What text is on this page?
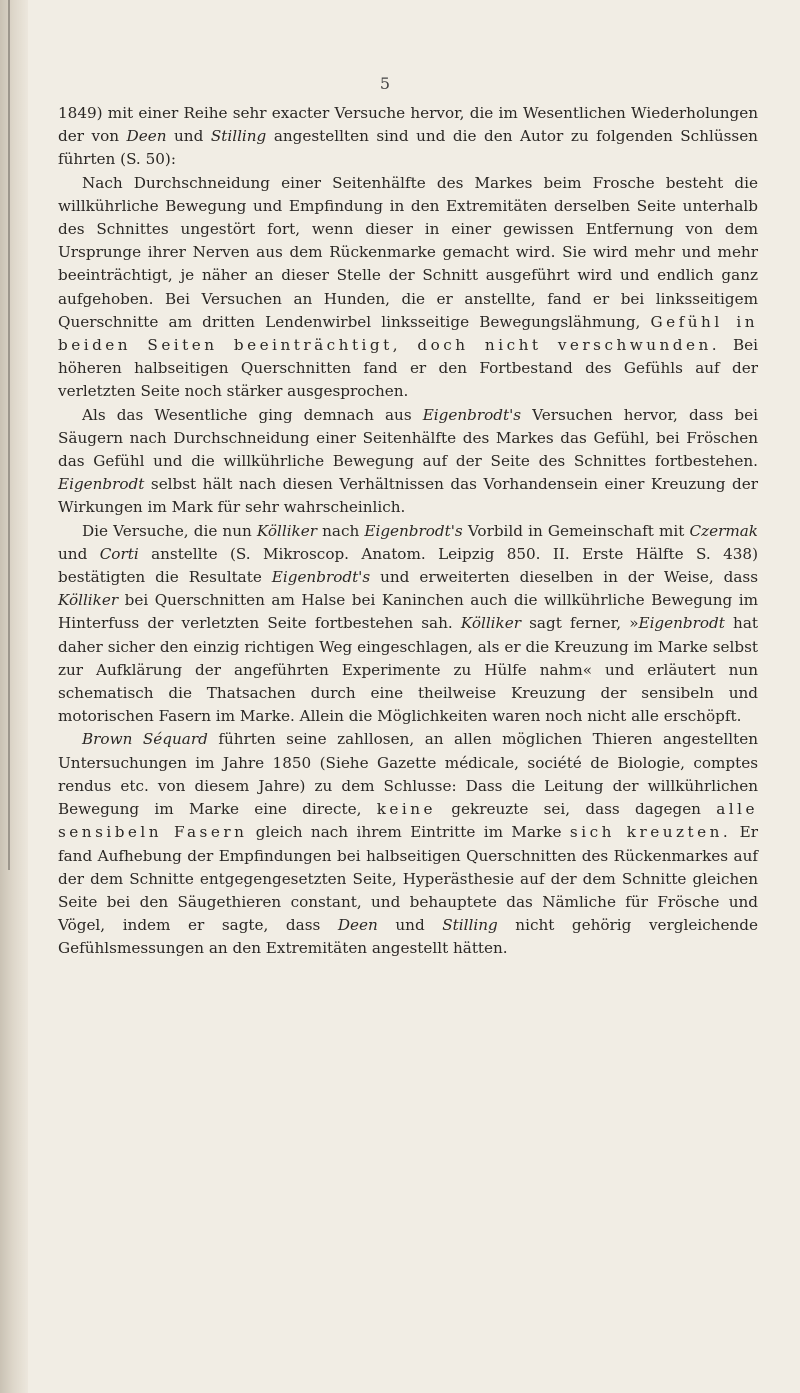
5

1849) mit einer Reihe sehr exacter Versuche hervor, die im Wesentlichen Wiederholungen der von Deen und Stilling angestellten sind und die den Autor zu folgenden Schlüssen führten (S. 50):

Nach Durchschneidung einer Seitenhälfte des Markes beim Frosche besteht die willkührliche Bewegung und Empfindung in den Extremitäten derselben Seite unterhalb des Schnittes ungestört fort, wenn dieser in einer gewissen Entfernung von dem Ursprunge ihrer Nerven aus dem Rückenmarke gemacht wird. Sie wird mehr und mehr beeinträchtigt, je näher an dieser Stelle der Schnitt ausgeführt wird und endlich ganz aufgehoben. Bei Versuchen an Hunden, die er anstellte, fand er bei linksseitigem Querschnitte am dritten Lendenwirbel linksseitige Bewegungslähmung, Gefühl in beiden Seiten beeinträchtigt, doch nicht verschwunden. Bei höheren halbseitigen Querschnitten fand er den Fortbestand des Gefühls auf der verletzten Seite noch stärker ausgesprochen.

Als das Wesentliche ging demnach aus Eigenbrodt's Versuchen hervor, dass bei Säugern nach Durchschneidung einer Seitenhälfte des Markes das Gefühl, bei Fröschen das Gefühl und die willkührliche Bewegung auf der Seite des Schnittes fortbestehen. Eigenbrodt selbst hält nach diesen Verhältnissen das Vorhandensein einer Kreuzung der Wirkungen im Mark für sehr wahrscheinlich.

Die Versuche, die nun Kölliker nach Eigenbrodt's Vorbild in Gemeinschaft mit Czermak und Corti anstellte (S. Mikroscop. Anatom. Leipzig 850. II. Erste Hälfte S. 438) bestätigten die Resultate Eigenbrodt's und erweiterten dieselben in der Weise, dass Kölliker bei Querschnitten am Halse bei Kaninchen auch die willkührliche Bewegung im Hinterfuss der verletzten Seite fortbestehen sah. Kölliker sagt ferner, »Eigenbrodt hat daher sicher den einzig richtigen Weg eingeschlagen, als er die Kreuzung im Marke selbst zur Aufklärung der angeführten Experimente zu Hülfe nahm« und erläutert nun schematisch die Thatsachen durch eine theilweise Kreuzung der sensibeln und motorischen Fasern im Marke. Allein die Möglichkeiten waren noch nicht alle erschöpft.

Brown Séquard führten seine zahllosen, an allen möglichen Thieren angestellten Untersuchungen im Jahre 1850 (Siehe Gazette médicale, société de Biologie, comptes rendus etc. von diesem Jahre) zu dem Schlusse: Dass die Leitung der willkührlichen Bewegung im Marke eine directe, keine gekreuzte sei, dass dagegen alle sensibeln Fasern gleich nach ihrem Eintritte im Marke sich kreuzten. Er fand Aufhebung der Empfindungen bei halbseitigen Querschnitten des Rückenmarkes auf der dem Schnitte entgegengesetzten Seite, Hyperästhesie auf der dem Schnitte gleichen Seite bei den Säugethieren constant, und behauptete das Nämliche für Frösche und Vögel, indem er sagte, dass Deen und Stilling nicht gehörig vergleichende Gefühlsmessungen an den Extremitäten angestellt hätten.
